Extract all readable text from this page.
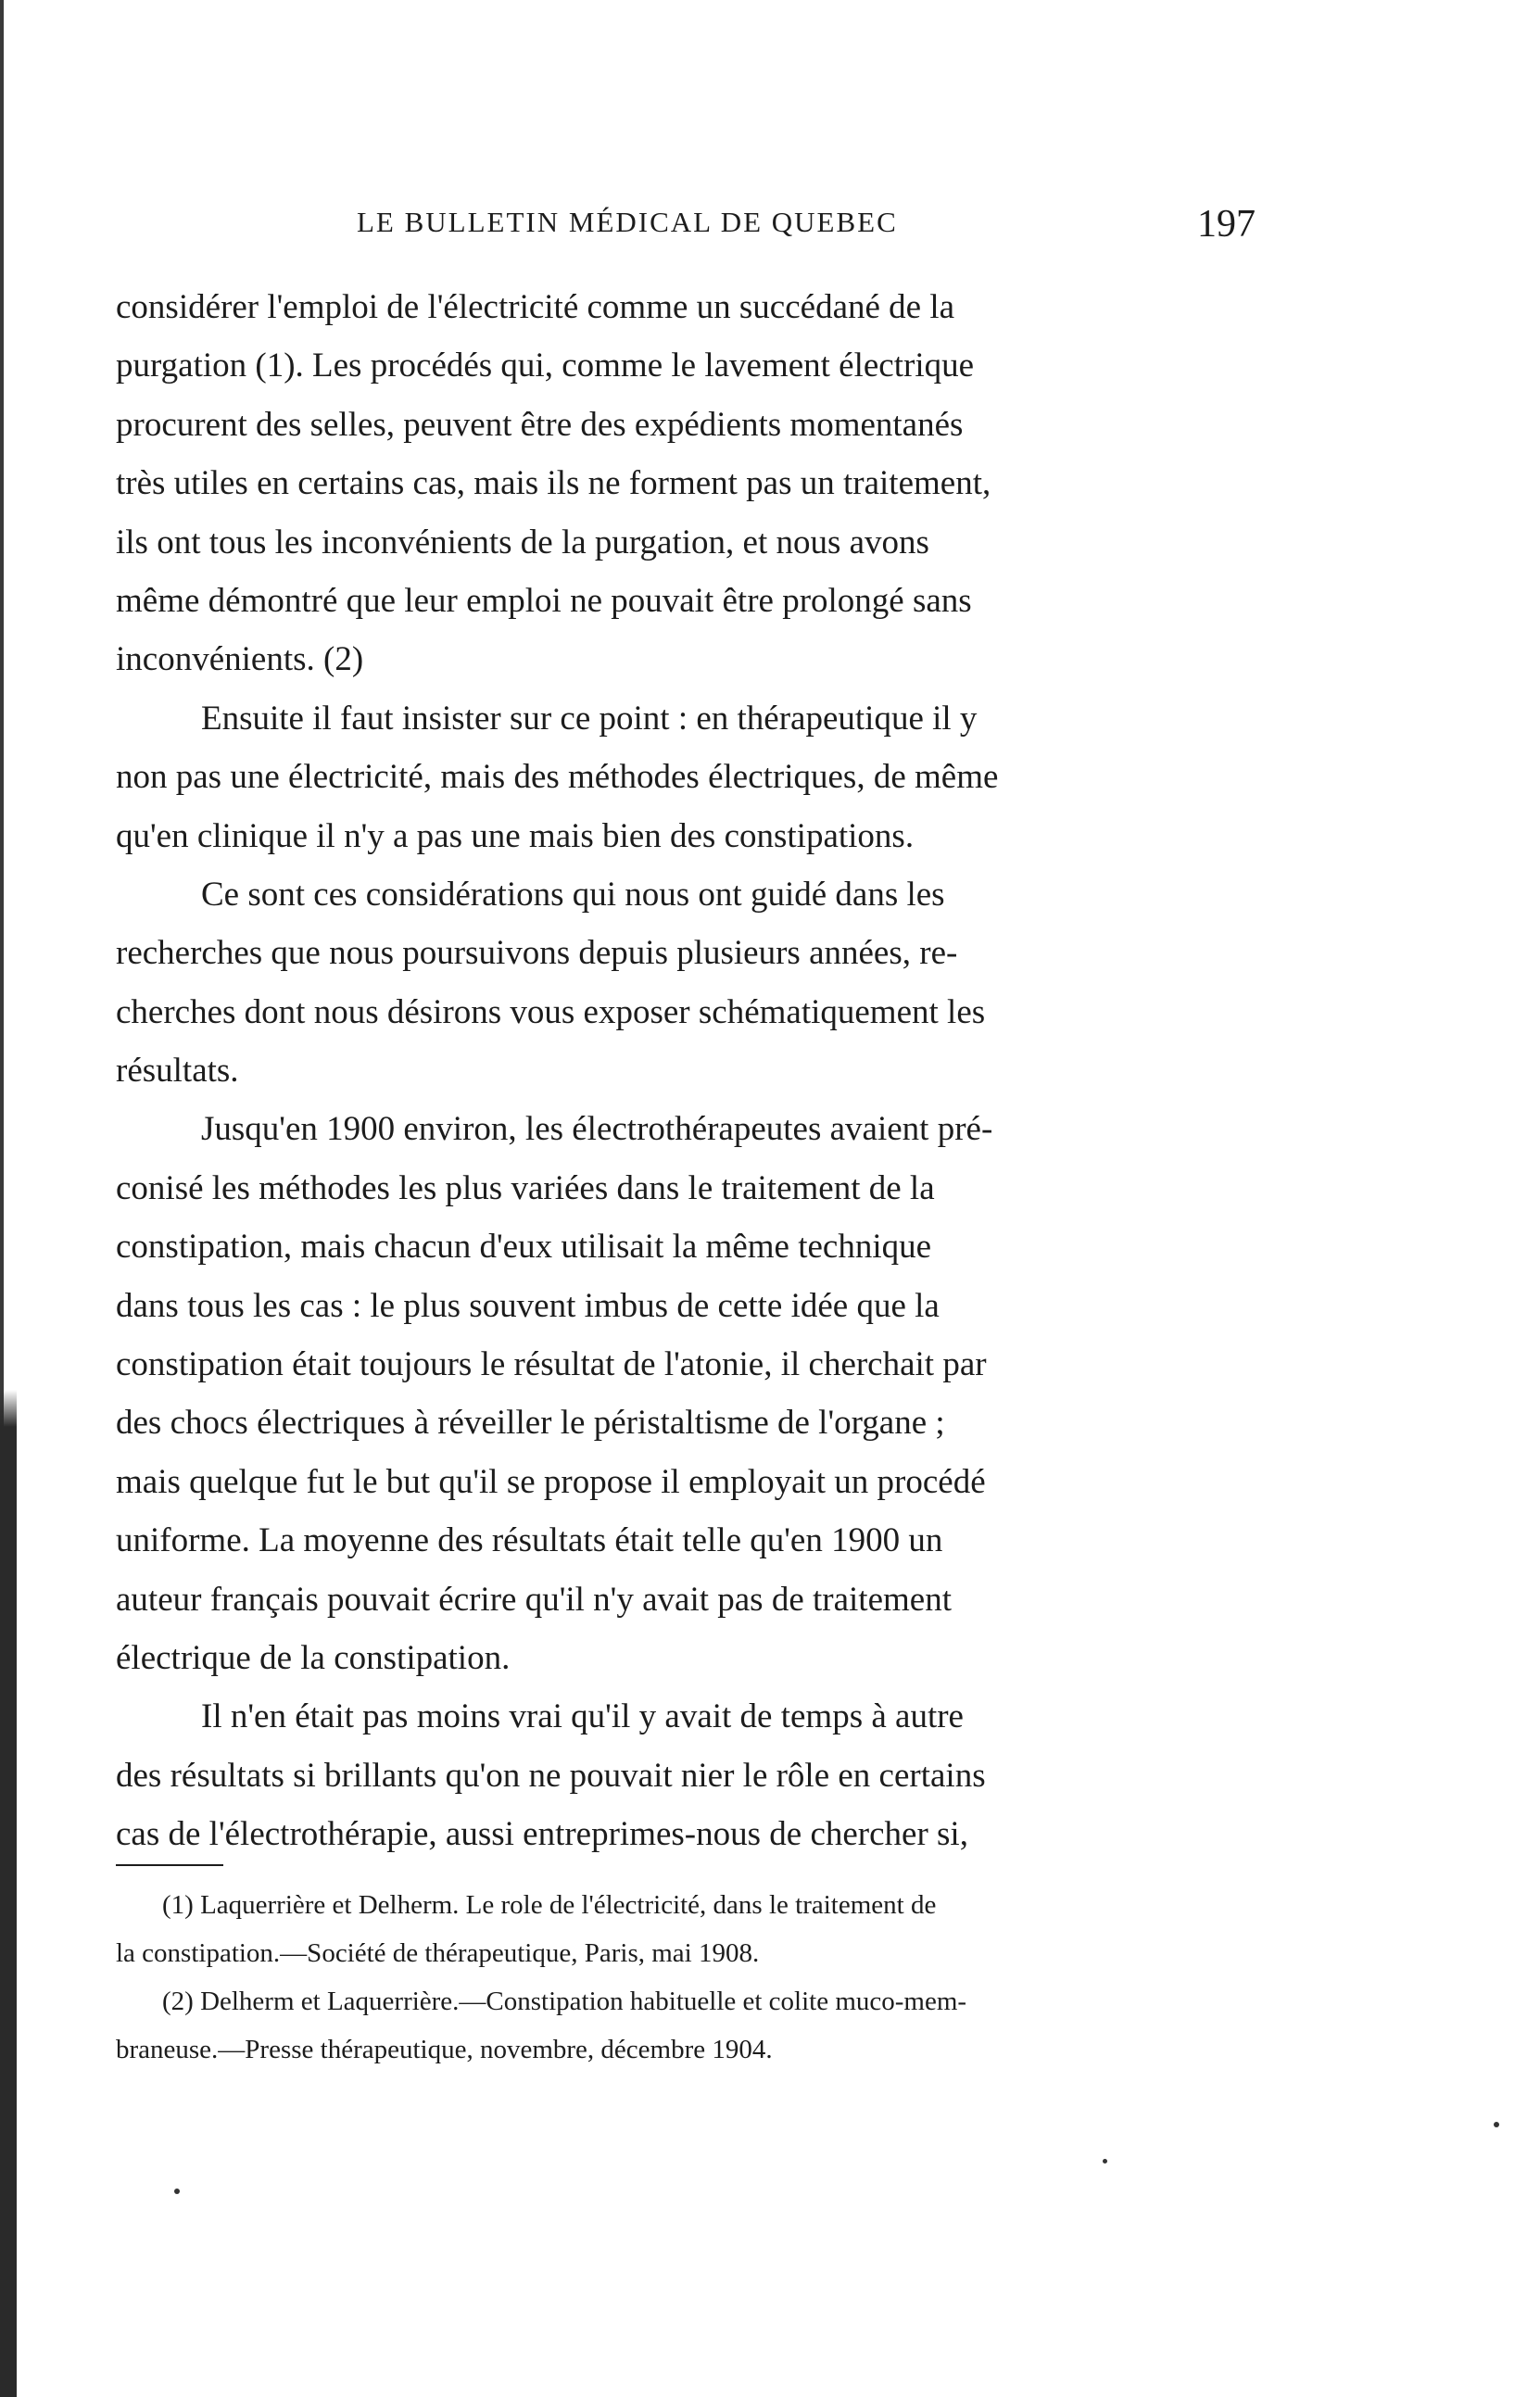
LE BULLETIN MÉDICAL DE QUEBEC	197
considérer l'emploi de l'électricité comme un succédané de la
purgation (1). Les procédés qui, comme le lavement électrique
procurent des selles, peuvent être des expédients momentanés
très utiles en certains cas, mais ils ne forment pas un traitement,
ils ont tous les inconvénients de la purgation, et nous avons
même démontré que leur emploi ne pouvait être prolongé sans
inconvénients. (2)
Ensuite il faut insister sur ce point : en thérapeutique il y
non pas une électricité, mais des méthodes électriques, de même
qu'en clinique il n'y a pas une mais bien des constipations.
Ce sont ces considérations qui nous ont guidé dans les
recherches que nous poursuivons depuis plusieurs années, re-
cherches dont nous désirons vous exposer schématiquement les
résultats.
Jusqu'en 1900 environ, les électrothérapeutes avaient pré-
conisé les méthodes les plus variées dans le traitement de la
constipation, mais chacun d'eux utilisait la même technique
dans tous les cas : le plus souvent imbus de cette idée que la
constipation était toujours le résultat de l'atonie, il cherchait par
des chocs électriques à réveiller le péristaltisme de l'organe ;
mais quelque fut le but qu'il se propose il employait un procédé
uniforme. La moyenne des résultats était telle qu'en 1900 un
auteur français pouvait écrire qu'il n'y avait pas de traitement
électrique de la constipation.
Il n'en était pas moins vrai qu'il y avait de temps à autre
des résultats si brillants qu'on ne pouvait nier le rôle en certains
cas de l'électrothérapie, aussi entreprimes-nous de chercher si,
(1) Laquerrière et Delherm. Le role de l'électricité, dans le traitement de
la constipation.—Société de thérapeutique, Paris, mai 1908.
(2) Delherm et Laquerrière.—Constipation habituelle et colite muco-mem-
braneuse.—Presse thérapeutique, novembre, décembre 1904.
